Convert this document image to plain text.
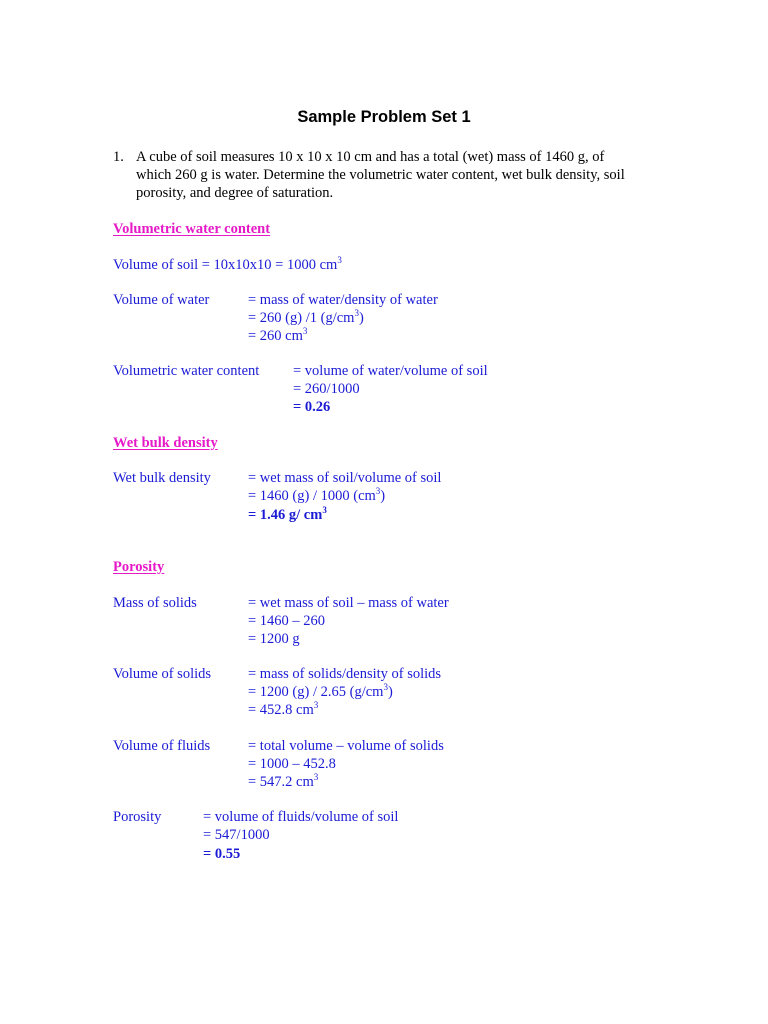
Sample Problem Set 1
1. A cube of soil measures 10 x 10 x 10 cm and has a total (wet) mass of 1460 g, of
which 260 g is water. Determine the volumetric water content, wet bulk density, soil
porosity, and degree of saturation.
Volumetric water content
Volume of soil = 10x10x10 = 1000 $cm^3$
Volume of water	= mass of water/density of water
= 260 (g) /1 $(g/cm^3)$
= 260 $cm^3$
Volumetric water content = volume of water/volume of soil
= 260/1000
= 0.26
Wet bulk density
Wet bulk density	= wet mass of soil/volume of soil
= 1460 (g) / 1000 $(cm^3)$
= 1.46 g/ $cm^3$
Porosity
Mass of solids	= wet mass of soil – mass of water
= 1460 – 260
= 1200 g
Volume of solids	= mass of solids/density of solids
= 1200 (g) / 2.65 $(g/cm^3)$
= 452.8 $cm^3$
Volume of fluids	= total volume – volume of solids
= 1000 – 452.8
= 547.2 $cm^3$
Porosity	= volume of fluids/volume of soil
= 547/1000
= 0.55
